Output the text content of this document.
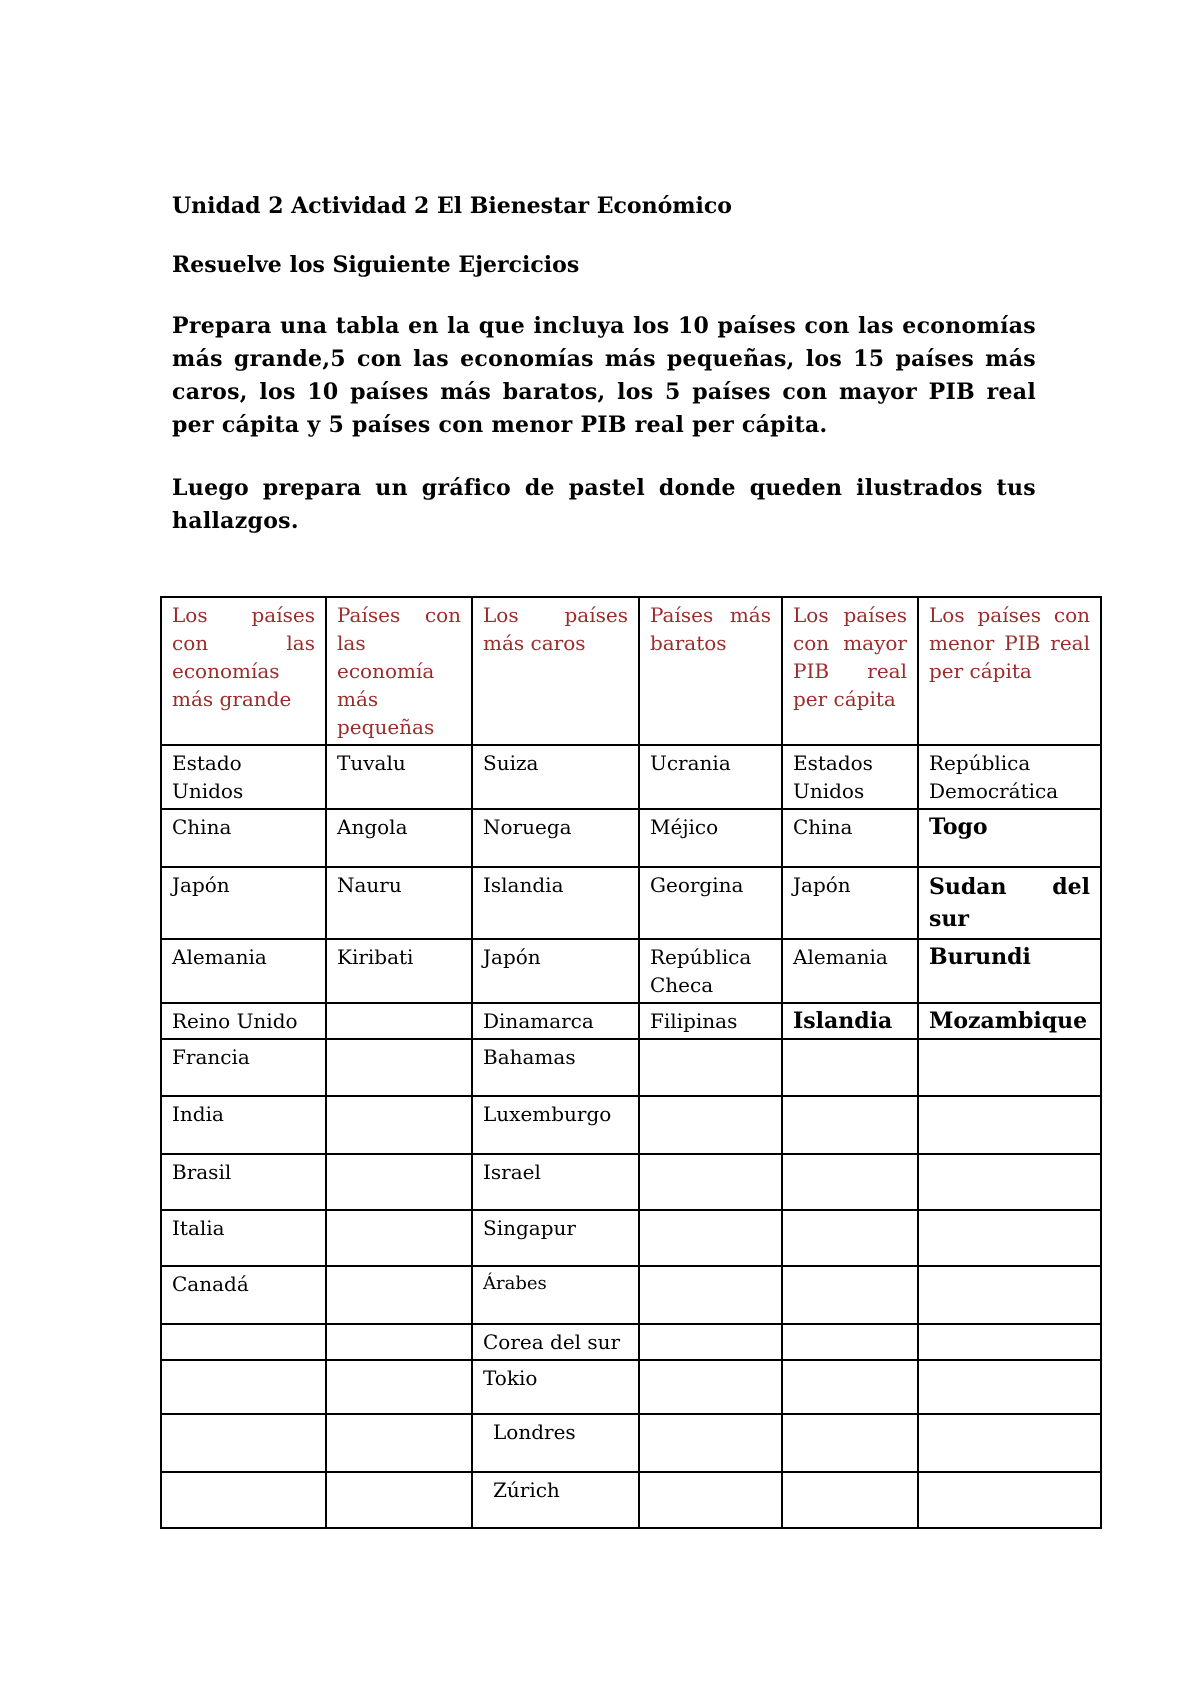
Unidad 2 Actividad 2 El Bienestar Económico
Resuelve los Siguiente Ejercicios
Prepara una tabla en la que incluya los 10 países con las economías más grande,5 con las economías más pequeñas, los 15 países más caros, los 10 países más baratos, los 5 países con mayor PIB real per cápita y 5 países con menor PIB real per cápita.
Luego prepara un gráfico de pastel donde queden ilustrados tus hallazgos.
Los países con las economías más grande	Países con las economía más pequeñas	Los países más caros	Países más baratos	Los países con mayor PIB real per cápita	Los países con menor PIB real per cápita
Estado Unidos	Tuvalu	Suiza	Ucrania	Estados Unidos	República Democrática
China	Angola	Noruega	Méjico	China	Togo
Japón	Nauru	Islandia	Georgina	Japón	Sudan del sur
Alemania	Kiribati	Japón	República Checa	Alemania	Burundi
Reino Unido		Dinamarca	Filipinas	Islandia	Mozambique
Francia		Bahamas			

India		Luxemburgo			
Brasil		Israel			

Italia		Singapur			

Canadá		Árabes			

		Corea del sur			

		Tokio			

		Londres			

		Zúrich			
